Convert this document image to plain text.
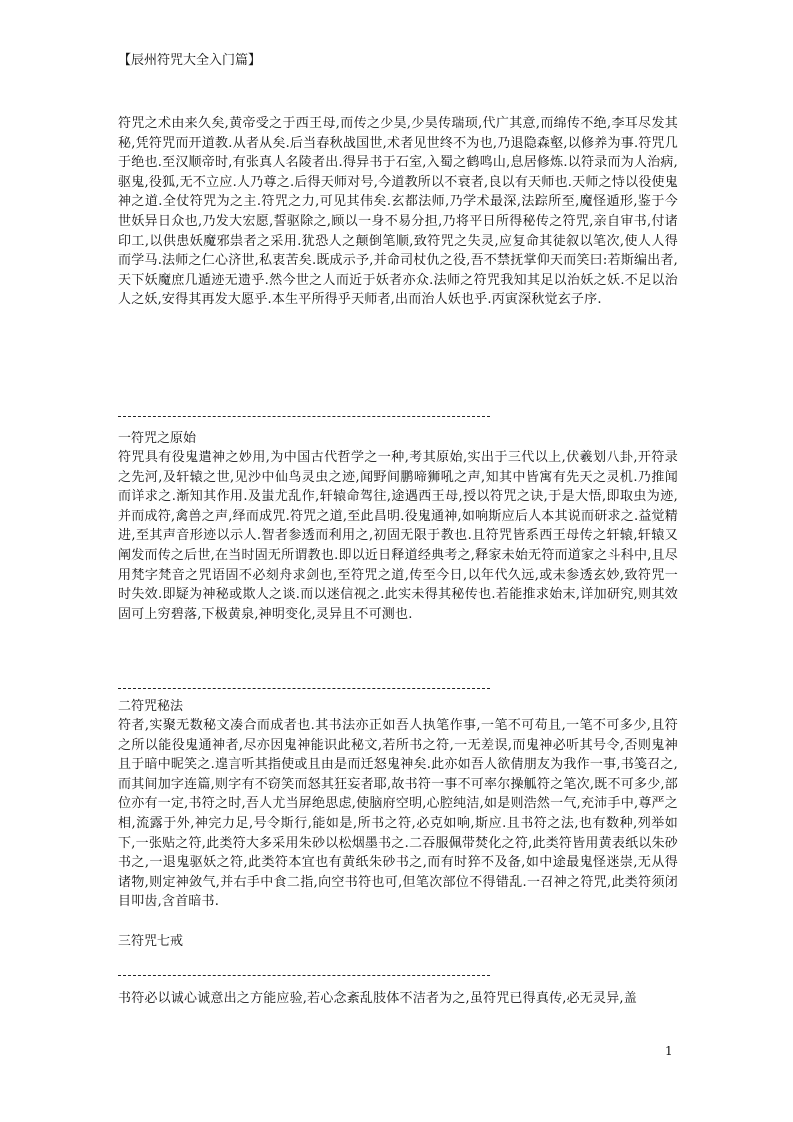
【辰州符咒大全入门篇】
符咒之术由来久矣,黄帝受之于西王母,而传之少昊,少昊传瑞顼,代广其意,而绵传不绝,李耳尽发其秘,凭符咒而开道教.从者从矣.后当春秋战国世,术者见世终不为也,乃退隐森壑,以修养为事.符咒几于绝也.至汉顺帝时,有张真人名陵者出.得异书于石室,入蜀之鹤鸣山,息居修炼.以符录而为人治病,驱鬼,役狐,无不立应.人乃尊之.后得天师对号,今道教所以不衰者,良以有天师也.天师之恃以役使鬼神之道.全仗符咒为之主.符咒之力,可见其伟矣.玄都法师,乃学术最深,法踪所至,魔怪遁形,鉴于今世妖异日众也,乃发大宏愿,誓驱除之,顾以一身不易分担,乃将平日所得秘传之符咒,亲自审书,付诸印工,以供患妖魔邪祟者之采用.犹恐人之颠倒笔顺,致符咒之失灵,应复命其徒叙以笔次,使人人得而学马.法师之仁心济世,私衷苦矣.既成示予,并命司杖仇之役,吾不禁抚掌仰天而笑曰:若斯编出者,天下妖魔庶几遁迹无遗乎.然今世之人而近于妖者亦众.法师之符咒我知其足以治妖之妖.不足以治人之妖,安得其再发大愿乎.本生平所得乎天师者,出而治人妖也乎.丙寅深秋觉玄子序.
一符咒之原始
符咒具有役鬼遣神之妙用,为中国古代哲学之一种,考其原始,实出于三代以上,伏羲划八卦,开符录之先河,及轩辕之世,见沙中仙鸟灵虫之迹,闻野间鹏啼狮吼之声,知其中皆寓有先天之灵机.乃推闻而详求之.渐知其作用.及蚩尤乱作,轩辕命驾往,途遇西王母,授以符咒之诀,于是大悟,即取虫为迹,并而成符,禽兽之声,绎而成咒.符咒之道,至此昌明.役鬼通神,如响斯应后人本其说而研求之.益觉精进,至其声音形迹以示人.智者参透而利用之,初固无限于教也.且符咒皆系西王母传之轩辕,轩辕又阐发而传之后世,在当时固无所谓教也.即以近日释道经典考之,释家未始无符而道家之斗科中,且尽用梵字梵音之咒语固不必刻舟求剑也,至符咒之道,传至今日,以年代久远,或未参透玄妙,致符咒一时失效.即疑为神秘或欺人之谈.而以迷信视之.此实未得其秘传也.若能推求始末,详加研究,则其效固可上穷碧落,下极黄泉,神明变化,灵异且不可测也.
二符咒秘法
符者,实聚无数秘文凑合而成者也.其书法亦正如吾人执笔作事,一笔不可苟且,一笔不可多少,且符之所以能役鬼通神者,尽亦因鬼神能识此秘文,若所书之符,一无差误,而鬼神必听其号令,否则鬼神且于暗中昵笑之.遑言听其指使或且由是而迁怒鬼神矣.此亦如吾人欲倩朋友为我作一事,书笺召之,而其间加字连篇,则字有不窃笑而怒其狂妄者耶,故书符一事不可率尔操觚符之笔次,既不可多少,部位亦有一定,书符之时,吾人尤当屏绝思虑,使脑府空明,心腔纯洁,如是则浩然一气,充沛手中,尊严之相,流露于外,神完力足,号令斯行,能如是,所书之符,必克如响,斯应.且书符之法,也有数种,列举如下,一张贴之符,此类符大多采用朱砂以松烟墨书之.二吞服佩带焚化之符,此类符皆用黄表纸以朱砂书之,一退鬼驱妖之符,此类符本宜也有黄纸朱砂书之,而有时猝不及备,如中途最鬼怪迷崇,无从得诸物,则定神敛气,并右手中食二指,向空书符也可,但笔次部位不得错乱.一召神之符咒,此类符须闭目叩齿,含首暗书.
三符咒七戒
书符必以诚心诚意出之方能应验,若心念紊乱肢体不洁者为之,虽符咒已得真传,必无灵异,盖
1
